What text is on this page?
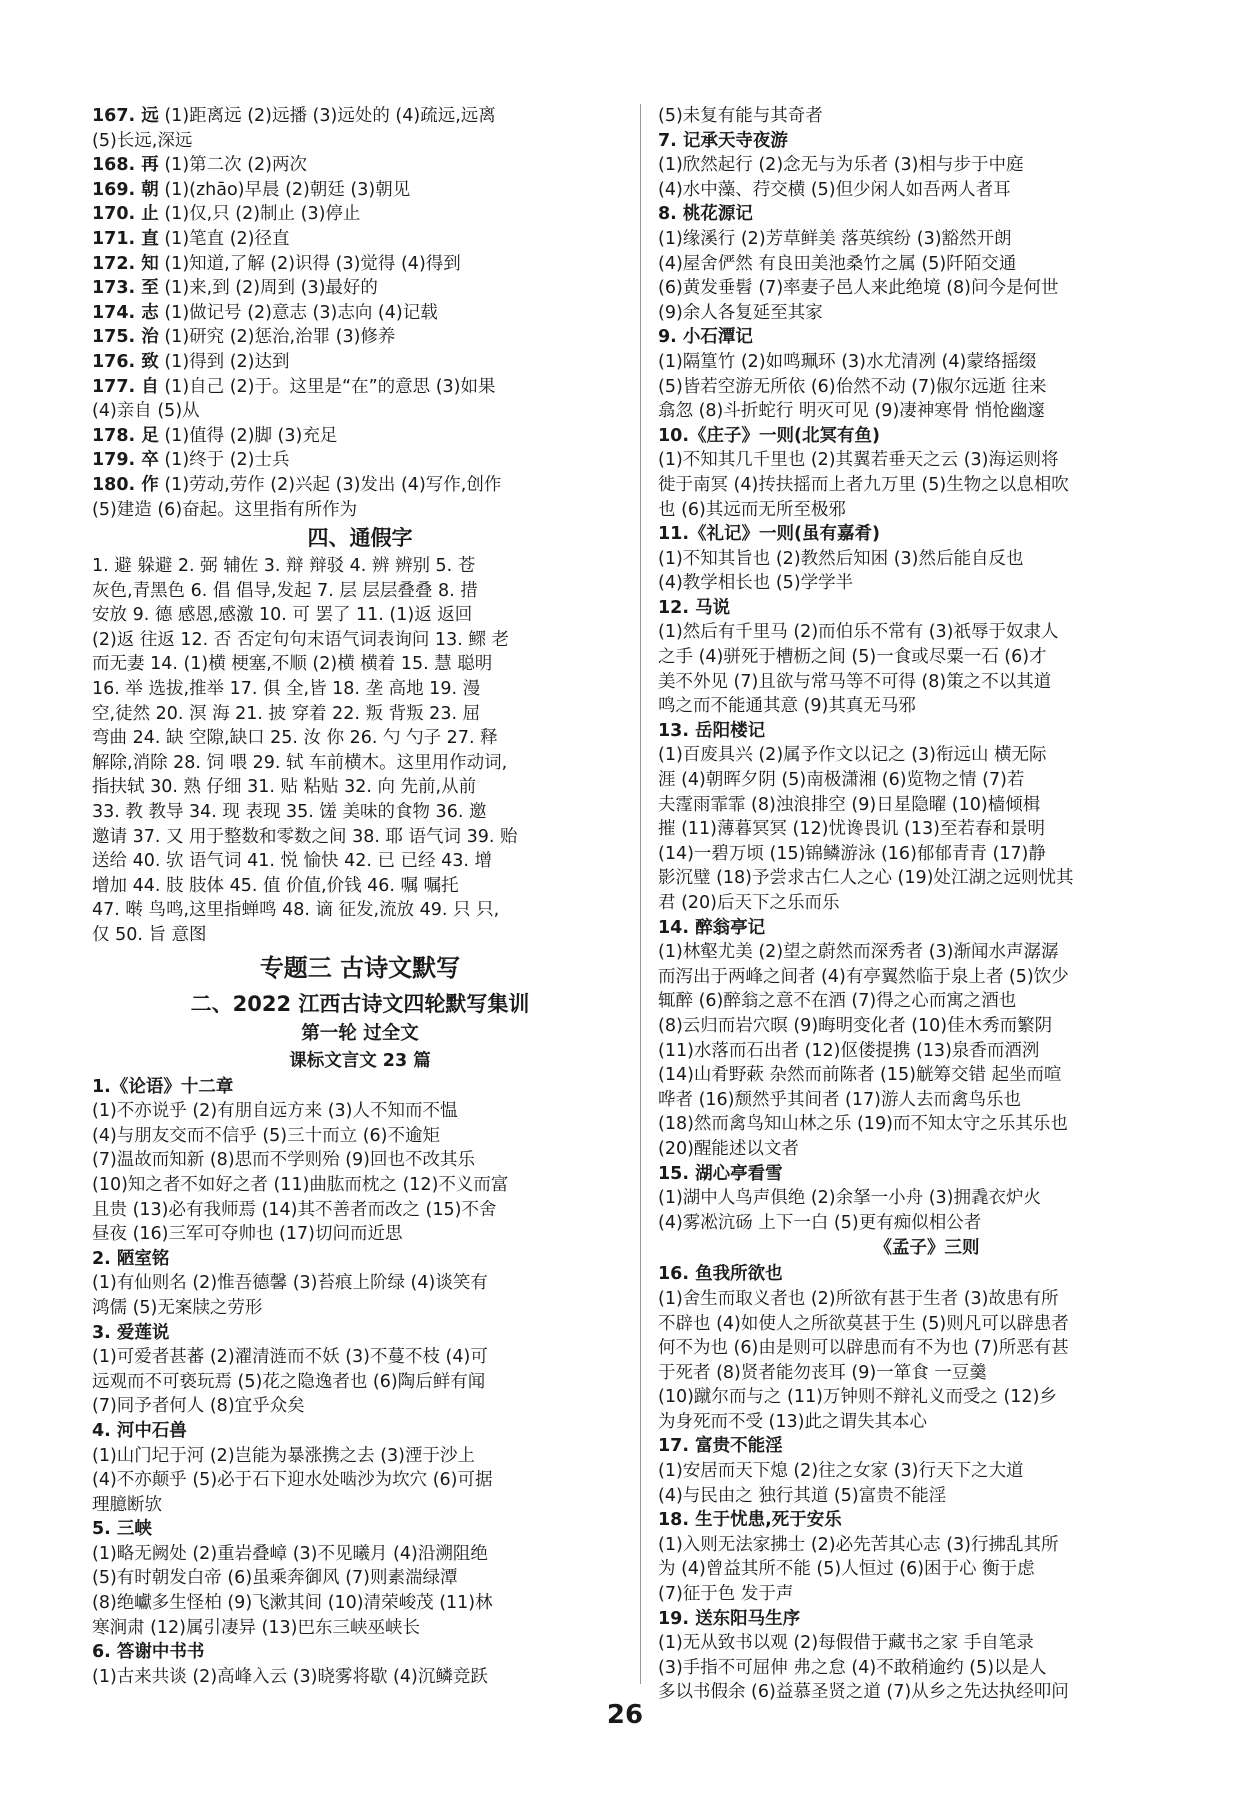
167. 远 (1)距离远 (2)远播 (3)远处的 (4)疏远,远离
(5)长远,深远
168. 再 (1)第二次 (2)两次
169. 朝 (1)(zhāo)早晨 (2)朝廷 (3)朝见
170. 止 (1)仅,只 (2)制止 (3)停止
171. 直 (1)笔直 (2)径直
172. 知 (1)知道,了解 (2)识得 (3)觉得 (4)得到
173. 至 (1)来,到 (2)周到 (3)最好的
174. 志 (1)做记号 (2)意志 (3)志向 (4)记载
175. 治 (1)研究 (2)惩治,治罪 (3)修养
176. 致 (1)得到 (2)达到
177. 自 (1)自己 (2)于。这里是“在”的意思 (3)如果
(4)亲自 (5)从
178. 足 (1)值得 (2)脚 (3)充足
179. 卒 (1)终于 (2)士兵
180. 作 (1)劳动,劳作 (2)兴起 (3)发出 (4)写作,创作
(5)建造 (6)奋起。这里指有所作为
四、通假字
1. 避 躲避 2. 弼 辅佐 3. 辩 辩驳 4. 辨 辨别 5. 苍
灰色,青黑色 6. 倡 倡导,发起 7. 层 层层叠叠 8. 措
安放 9. 德 感恩,感激 10. 可 罢了 11. (1)返 返回
(2)返 往返 12. 否 否定句句末语气词表询问 13. 鳏 老
而无妻 14. (1)横 梗塞,不顺 (2)横 横着 15. 慧 聪明
16. 举 选拔,推举 17. 俱 全,皆 18. 垄 高地 19. 漫
空,徒然 20. 溟 海 21. 披 穿着 22. 叛 背叛 23. 屈
弯曲 24. 缺 空隙,缺口 25. 汝 你 26. 勺 勺子 27. 释
解除,消除 28. 饲 喂 29. 轼 车前横木。这里用作动词,
指扶轼 30. 熟 仔细 31. 贴 粘贴 32. 向 先前,从前
33. 教 教导 34. 现 表现 35. 馐 美味的食物 36. 邀
邀请 37. 又 用于整数和零数之间 38. 耶 语气词 39. 贻
送给 40. 欤 语气词 41. 悦 愉快 42. 已 已经 43. 增
增加 44. 肢 肢体 45. 值 价值,价钱 46. 嘱 嘱托
47. 啭 鸟鸣,这里指蝉鸣 48. 谪 征发,流放 49. 只 只,
仅 50. 旨 意图
专题三 古诗文默写
二、2022 江西古诗文四轮默写集训
第一轮 过全文
课标文言文 23 篇
1.《论语》十二章
(1)不亦说乎 (2)有朋自远方来 (3)人不知而不愠
(4)与朋友交而不信乎 (5)三十而立 (6)不逾矩
(7)温故而知新 (8)思而不学则殆 (9)回也不改其乐
(10)知之者不如好之者 (11)曲肱而枕之 (12)不义而富
且贵 (13)必有我师焉 (14)其不善者而改之 (15)不舍
昼夜 (16)三军可夺帅也 (17)切问而近思
2. 陋室铭
(1)有仙则名 (2)惟吾德馨 (3)苔痕上阶绿 (4)谈笑有
鸿儒 (5)无案牍之劳形
3. 爱莲说
(1)可爱者甚蕃 (2)濯清涟而不妖 (3)不蔓不枝 (4)可
远观而不可亵玩焉 (5)花之隐逸者也 (6)陶后鲜有闻
(7)同予者何人 (8)宜乎众矣
4. 河中石兽
(1)山门圮于河 (2)岂能为暴涨携之去 (3)湮于沙上
(4)不亦颠乎 (5)必于石下迎水处啮沙为坎穴 (6)可据
理臆断欤
5. 三峡
(1)略无阙处 (2)重岩叠嶂 (3)不见曦月 (4)沿溯阻绝
(5)有时朝发白帝 (6)虽乘奔御风 (7)则素湍绿潭
(8)绝巘多生怪柏 (9)飞漱其间 (10)清荣峻茂 (11)林
寒涧肃 (12)属引凄异 (13)巴东三峡巫峡长
6. 答谢中书书
(1)古来共谈 (2)高峰入云 (3)晓雾将歇 (4)沉鳞竞跃
(5)未复有能与其奇者
7. 记承天寺夜游
(1)欣然起行 (2)念无与为乐者 (3)相与步于中庭
(4)水中藻、荇交横 (5)但少闲人如吾两人者耳
8. 桃花源记
(1)缘溪行 (2)芳草鲜美 落英缤纷 (3)豁然开朗
(4)屋舍俨然 有良田美池桑竹之属 (5)阡陌交通
(6)黄发垂髫 (7)率妻子邑人来此绝境 (8)问今是何世
(9)余人各复延至其家
9. 小石潭记
(1)隔篁竹 (2)如鸣珮环 (3)水尤清冽 (4)蒙络摇缀
(5)皆若空游无所依 (6)佁然不动 (7)俶尔远逝 往来
翕忽 (8)斗折蛇行 明灭可见 (9)凄神寒骨 悄怆幽邃
10.《庄子》一则(北冥有鱼)
(1)不知其几千里也 (2)其翼若垂天之云 (3)海运则将
徙于南冥 (4)抟扶摇而上者九万里 (5)生物之以息相吹
也 (6)其远而无所至极邪
11.《礼记》一则(虽有嘉肴)
(1)不知其旨也 (2)教然后知困 (3)然后能自反也
(4)教学相长也 (5)学学半
12. 马说
(1)然后有千里马 (2)而伯乐不常有 (3)祇辱于奴隶人
之手 (4)骈死于槽枥之间 (5)一食或尽粟一石 (6)才
美不外见 (7)且欲与常马等不可得 (8)策之不以其道
鸣之而不能通其意 (9)其真无马邪
13. 岳阳楼记
(1)百废具兴 (2)属予作文以记之 (3)衔远山 横无际
涯 (4)朝晖夕阴 (5)南极潇湘 (6)览物之情 (7)若
夫霪雨霏霏 (8)浊浪排空 (9)日星隐曜 (10)樯倾楫
摧 (11)薄暮冥冥 (12)忧谗畏讥 (13)至若春和景明
(14)一碧万顷 (15)锦鳞游泳 (16)郁郁青青 (17)静
影沉璧 (18)予尝求古仁人之心 (19)处江湖之远则忧其
君 (20)后天下之乐而乐
14. 醉翁亭记
(1)林壑尤美 (2)望之蔚然而深秀者 (3)渐闻水声潺潺
而泻出于两峰之间者 (4)有亭翼然临于泉上者 (5)饮少
辄醉 (6)醉翁之意不在酒 (7)得之心而寓之酒也
(8)云归而岩穴暝 (9)晦明变化者 (10)佳木秀而繁阴
(11)水落而石出者 (12)伛偻提携 (13)泉香而酒洌
(14)山肴野蔌 杂然而前陈者 (15)觥筹交错 起坐而喧
哗者 (16)颓然乎其间者 (17)游人去而禽鸟乐也
(18)然而禽鸟知山林之乐 (19)而不知太守之乐其乐也
(20)醒能述以文者
15. 湖心亭看雪
(1)湖中人鸟声俱绝 (2)余拏一小舟 (3)拥毳衣炉火
(4)雾凇沆砀 上下一白 (5)更有痴似相公者
《孟子》三则
16. 鱼我所欲也
(1)舍生而取义者也 (2)所欲有甚于生者 (3)故患有所
不辟也 (4)如使人之所欲莫甚于生 (5)则凡可以辟患者
何不为也 (6)由是则可以辟患而有不为也 (7)所恶有甚
于死者 (8)贤者能勿丧耳 (9)一箪食 一豆羹
(10)蹴尔而与之 (11)万钟则不辩礼义而受之 (12)乡
为身死而不受 (13)此之谓失其本心
17. 富贵不能淫
(1)安居而天下熄 (2)往之女家 (3)行天下之大道
(4)与民由之 独行其道 (5)富贵不能淫
18. 生于忧患,死于安乐
(1)入则无法家拂士 (2)必先苦其心志 (3)行拂乱其所
为 (4)曾益其所不能 (5)人恒过 (6)困于心 衡于虑
(7)征于色 发于声
19. 送东阳马生序
(1)无从致书以观 (2)每假借于藏书之家 手自笔录
(3)手指不可屈伸 弗之怠 (4)不敢稍逾约 (5)以是人
多以书假余 (6)益慕圣贤之道 (7)从乡之先达执经叩问
26
